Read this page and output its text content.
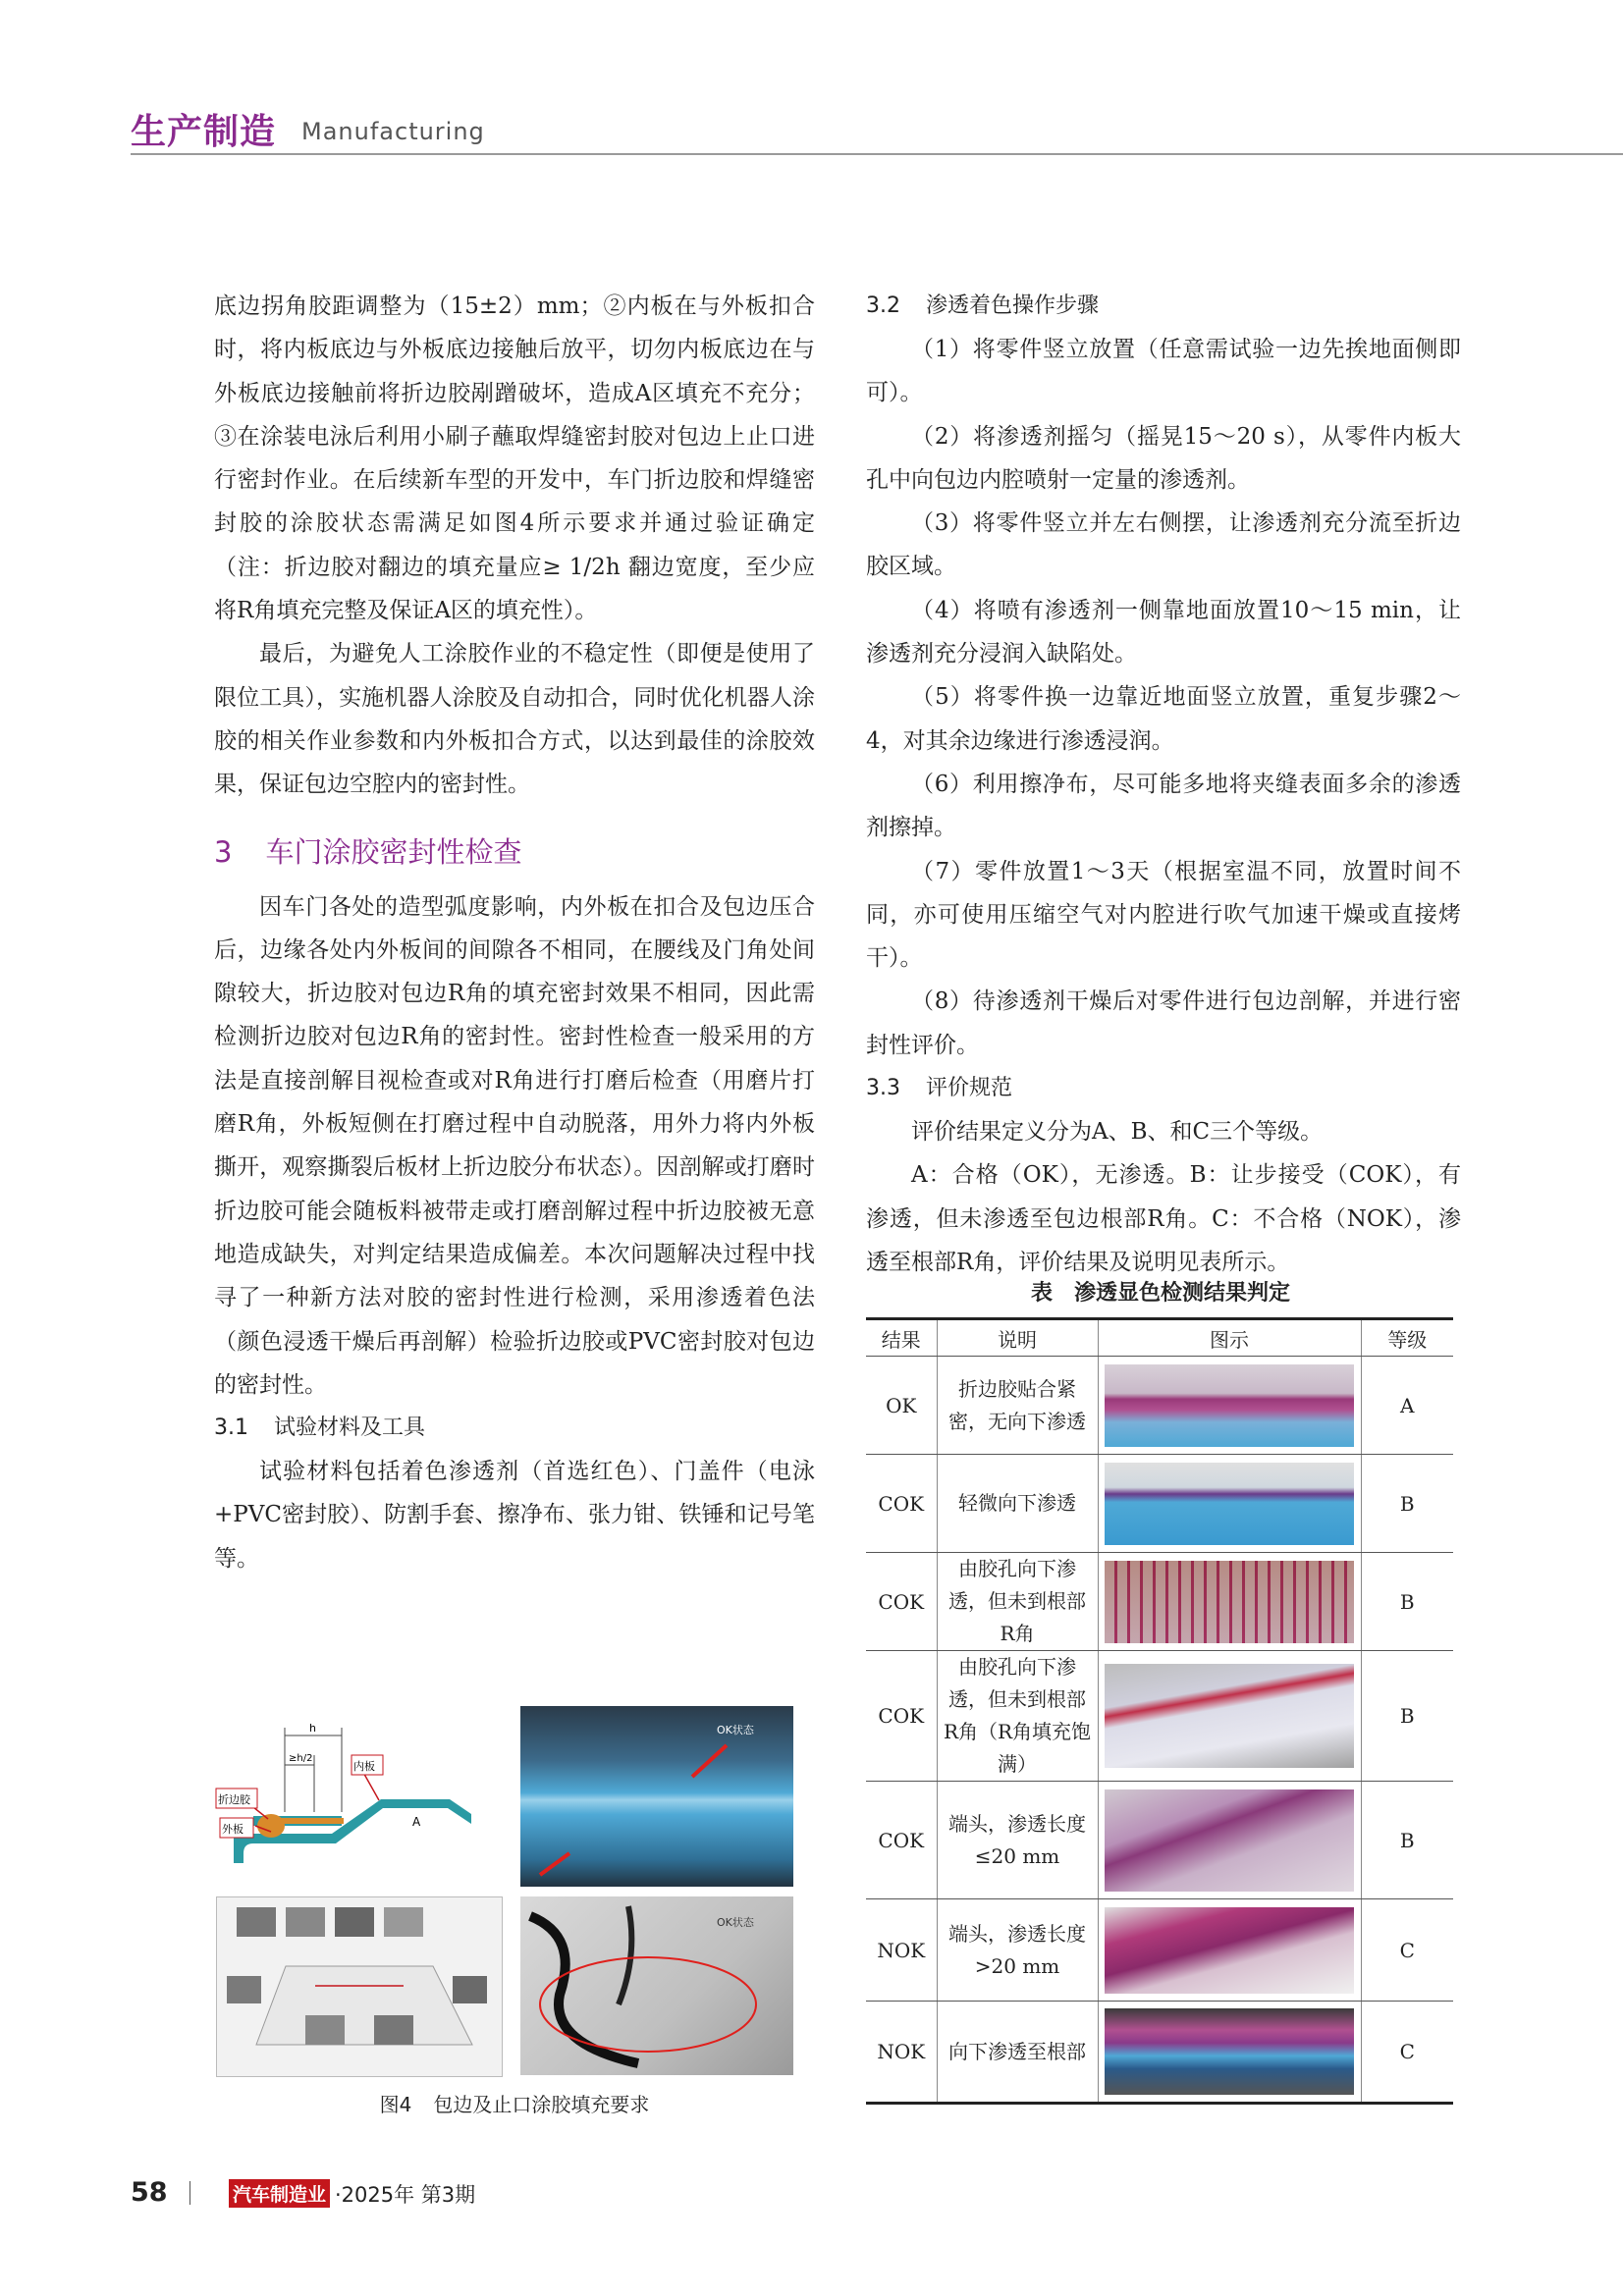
生产制造 Manufacturing

底边拐角胶距调整为（15±2）mm；②内板在与外板扣合时，将内板底边与外板底边接触后放平，切勿内板底边在与外板底边接触前将折边胶剐蹭破坏，造成A区填充不充分；③在涂装电泳后利用小刷子蘸取焊缝密封胶对包边上止口进行密封作业。在后续新车型的开发中，车门折边胶和焊缝密封胶的涂胶状态需满足如图4所示要求并通过验证确定（注：折边胶对翻边的填充量应≥ 1/2h 翻边宽度，至少应将R角填充完整及保证A区的填充性）。

最后，为避免人工涂胶作业的不稳定性（即便是使用了限位工具），实施机器人涂胶及自动扣合，同时优化机器人涂胶的相关作业参数和内外板扣合方式，以达到最佳的涂胶效果，保证包边空腔内的密封性。

3 车门涂胶密封性检查

因车门各处的造型弧度影响，内外板在扣合及包边压合后，边缘各处内外板间的间隙各不相同，在腰线及门角处间隙较大，折边胶对包边R角的填充密封效果不相同，因此需检测折边胶对包边R角的密封性。密封性检查一般采用的方法是直接剖解目视检查或对R角进行打磨后检查（用磨片打磨R角，外板短侧在打磨过程中自动脱落，用外力将内外板撕开，观察撕裂后板材上折边胶分布状态）。因剖解或打磨时折边胶可能会随板料被带走或打磨剖解过程中折边胶被无意地造成缺失，对判定结果造成偏差。本次问题解决过程中找寻了一种新方法对胶的密封性进行检测，采用渗透着色法（颜色浸透干燥后再剖解）检验折边胶或PVC密封胶对包边的密封性。

3.1 试验材料及工具

试验材料包括着色渗透剂（首选红色）、门盖件（电泳+PVC密封胶）、防割手套、擦净布、张力钳、铁锤和记号笔等。

h
≥h/2
内板
折边胶
外板
A
OK状态
OK状态
图4 包边及止口涂胶填充要求
3.2 渗透着色操作步骤

（1）将零件竖立放置（任意需试验一边先挨地面侧即可）。

（2）将渗透剂摇匀（摇晃15～20 s），从零件内板大孔中向包边内腔喷射一定量的渗透剂。

（3）将零件竖立并左右侧摆，让渗透剂充分流至折边胶区域。

（4）将喷有渗透剂一侧靠地面放置10～15 min，让渗透剂充分浸润入缺陷处。

（5）将零件换一边靠近地面竖立放置，重复步骤2～4，对其余边缘进行渗透浸润。

（6）利用擦净布，尽可能多地将夹缝表面多余的渗透剂擦掉。

（7）零件放置1～3天（根据室温不同，放置时间不同，亦可使用压缩空气对内腔进行吹气加速干燥或直接烤干）。

（8）待渗透剂干燥后对零件进行包边剖解，并进行密封性评价。

3.3 评价规范

评价结果定义分为A、B、和C三个等级。

A：合格（OK），无渗透。B：让步接受（COK），有渗透，但未渗透至包边根部R角。C：不合格（NOK），渗透至根部R角，评价结果及说明见表所示。

表 渗透显色检测结果判定
结果	说明	图示	等级
OK	折边胶贴合紧密，无向下渗透		A
COK	轻微向下渗透		B
COK	由胶孔向下渗透，但未到根部R角		B
COK	由胶孔向下渗透，但未到根部R角（R角填充饱满）		B
COK	端头，渗透长度≤20 mm		B
NOK	端头，渗透长度>20 mm		C
NOK	向下渗透至根部		C
58	汽车制造业 ·2025年 第3期
